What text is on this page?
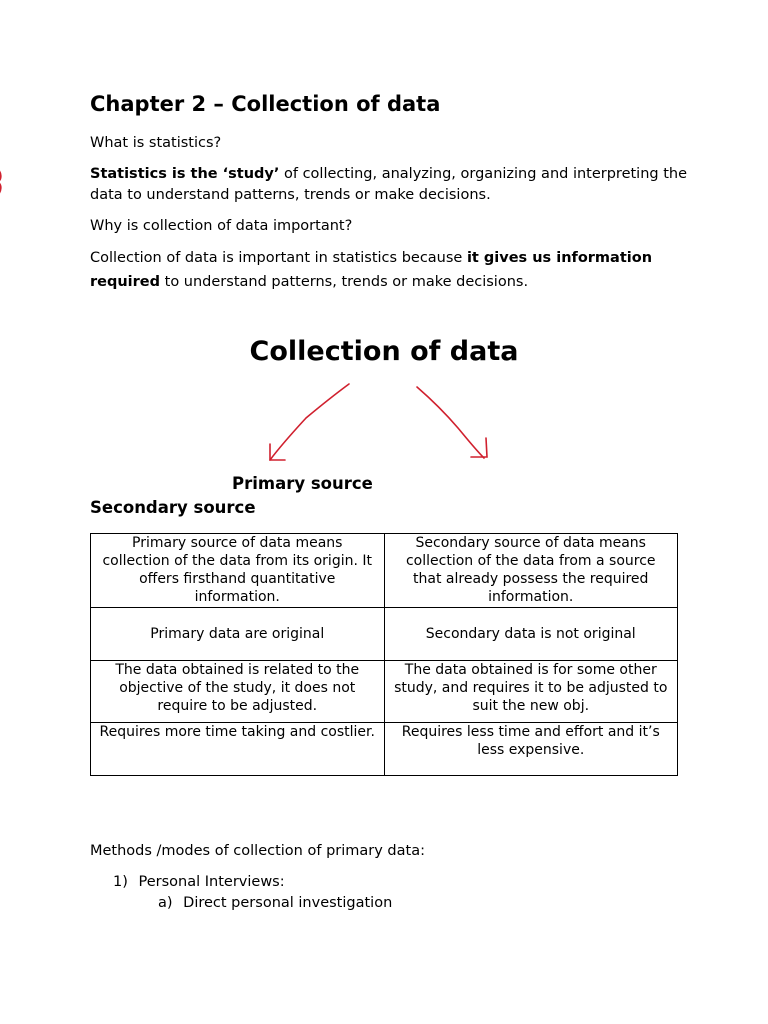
Chapter 2 – Collection of data
What is statistics?
Statistics is the ‘study’ of collecting, analyzing, organizing and interpreting the data to understand patterns, trends or make decisions.
Why is collection of data important?
Collection of data is important in statistics because it gives us information required to understand patterns, trends or make decisions.
Collection of data
Primary source
Secondary source
Primary source of data means collection of the data from its origin. It offers firsthand quantitative information.	Secondary source of data means collection of the data from a source that already possess the required information.
Primary data are original	Secondary data is not original
The data obtained is related to the objective of the study, it does not require to be adjusted.	The data obtained is for some other study, and requires it to be adjusted to suit the new obj.
Requires more time taking and costlier.	Requires less time and effort and it’s less expensive.
Methods /modes of collection of primary data:
1) Personal Interviews:
a) Direct personal investigation
